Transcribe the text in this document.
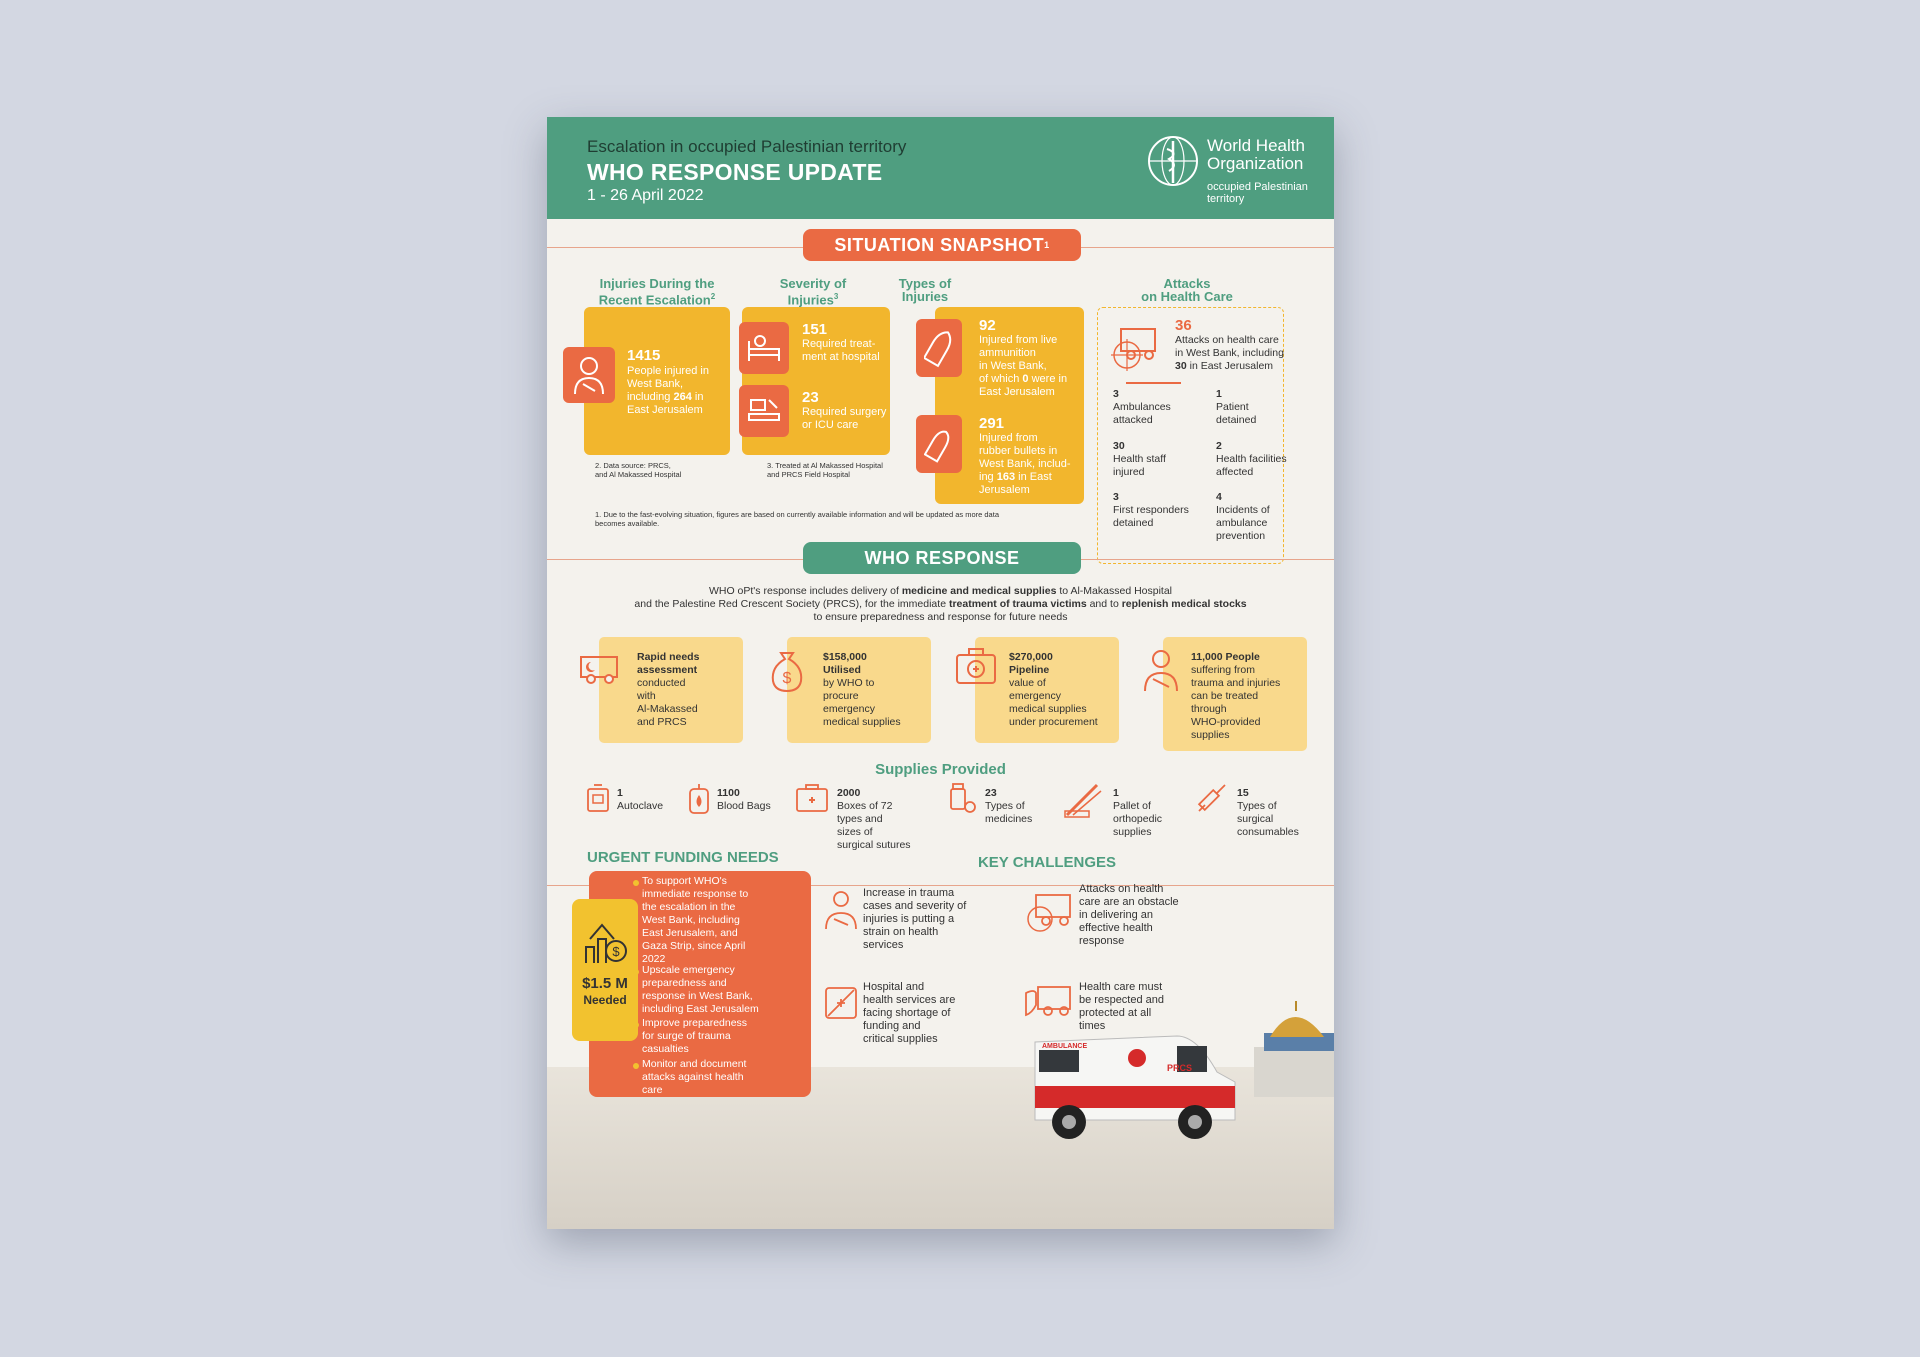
Escalation in occupied Palestinian territory
WHO RESPONSE UPDATE
1 - 26 April 2022
World Health
Organization
occupied Palestinian
territory
SITUATION SNAPSHOT 1
Injuries During the
Recent Escalation$^2$
1415
People injured in
West Bank,
including 264 in
East Jerusalem
2. Data source: PRCS,
and Al Makassed Hospital
Severity of
Injuries$^3$
151
Required treat-
ment at hospital
23
Required surgery
or ICU care
3. Treated at Al Makassed Hospital
and PRCS Field Hospital
Types of
Injuries
92
Injured from live
ammunition
in West Bank,
of which 0 were in
East Jerusalem
291
Injured from
rubber bullets in
West Bank, includ-
ing 163 in East
Jerusalem
Attacks
on Health Care
36
Attacks on health care
in West Bank, including
30 in East Jerusalem
3
Ambulances
attacked
1
Patient
detained
30
Health staff
injured
2
Health facilities
affected
3
First responders
detained
4
Incidents of
ambulance
prevention
1. Due to the fast-evolving situation, figures are based on currently available information and will be updated as more data
becomes available.
WHO RESPONSE
WHO oPt's response includes delivery of medicine and medical supplies to Al-Makassed Hospital
and the Palestine Red Crescent Society (PRCS), for the immediate treatment of trauma victims and to replenish medical stocks
to ensure preparedness and response for future needs
Rapid needs
assessment
conducted
with
Al-Makassed
and PRCS
$
$158,000
Utilised
by WHO to
procure
emergency
medical supplies
$270,000
Pipeline
value of
emergency
medical supplies
under procurement
11,000 People
suffering from
trauma and injuries
can be treated
through
WHO-provided
supplies
Supplies Provided
1
Autoclave
1100
Blood Bags
2000
Boxes of 72
types and
sizes of
surgical sutures
23
Types of
medicines
1
Pallet of
orthopedic
supplies
15
Types of
surgical
consumables
AMBULANCE
PRCS
URGENT FUNDING NEEDS
$
$1.5 M
Needed
To support WHO's
immediate response to
the escalation in the
West Bank, including
East Jerusalem, and
Gaza Strip, since April
2022
Upscale emergency
preparedness and
response in West Bank,
including East Jerusalem
Improve preparedness
for surge of trauma
casualties
Monitor and document
attacks against health
care
KEY CHALLENGES
Increase in trauma
cases and severity of
injuries is putting a
strain on health
services
Attacks on health
care are an obstacle
in delivering an
effective health
response
Hospital and
health services are
facing shortage of
funding and
critical supplies
Health care must
be respected and
protected at all
times
